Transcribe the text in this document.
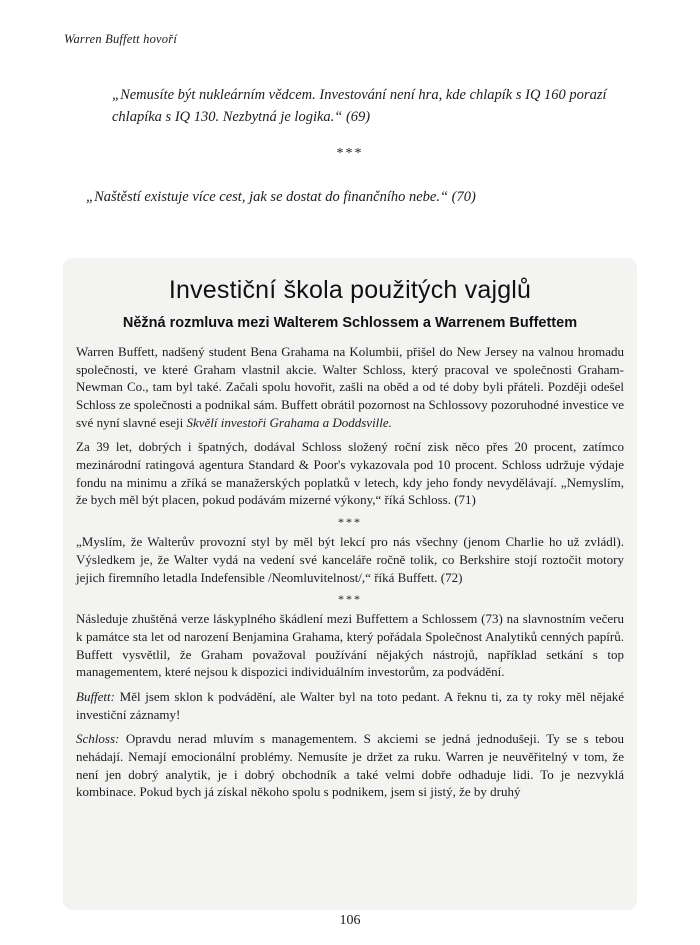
Warren Buffett hovoří
„Nemusíte být nukleárním vědcem. Investování není hra, kde chlapík s IQ 160 porazí chlapíka s IQ 130. Nezbytná je logika.“ (69)
***
„Naštěstí existuje více cest, jak se dostat do finančního nebe.“ (70)
Investiční škola použitých vajglů
Něžná rozmluva mezi Walterem Schlossem a Warrenem Buffettem

Warren Buffett, nadšený student Bena Grahama na Kolumbii, přišel do New Jersey na valnou hromadu společnosti, ve které Graham vlastnil akcie. Walter Schloss, který pracoval ve společnosti Graham-Newman Co., tam byl také. Začali spolu hovořit, zašli na oběd a od té doby byli přáteli. Později odešel Schloss ze společnosti a podnikal sám. Buffett obrátil pozornost na Schlossovy pozoruhodné investice ve své nyní slavné eseji Skvělí investoři Grahama a Doddsville.

Za 39 let, dobrých i špatných, dodával Schloss složený roční zisk něco přes 20 procent, zatímco mezinárodní ratingová agentura Standard & Poor's vykazovala pod 10 procent. Schloss udržuje výdaje fondu na minimu a zříká se manažerských poplatků v letech, kdy jeho fondy nevydělávají. „Nemyslím, že bych měl být placen, pokud podávám mizerné výkony,“ říká Schloss. (71)

***

„Myslím, že Walterův provozní styl by měl být lekcí pro nás všechny (jenom Charlie ho už zvládl). Výsledkem je, že Walter vydá na vedení své kanceláře ročně tolik, co Berkshire stojí roztočit motory jejich firemního letadla Indefensible /Neomluvitelnost/,“ říká Buffett. (72)

***

Následuje zhuštěná verze láskyplného škádlení mezi Buffettem a Schlossem (73) na slavnostním večeru k památce sta let od narození Benjamina Grahama, který pořádala Společnost Analytiků cenných papírů. Buffett vysvětlil, že Graham považoval používání nějakých nástrojů, například setkání s top managementem, které nejsou k dispozici individuálním investorům, za podvádění.

Buffett: Měl jsem sklon k podvádění, ale Walter byl na toto pedant. A řeknu ti, za ty roky měl nějaké investiční záznamy!

Schloss: Opravdu nerad mluvím s managementem. S akciemi se jedná jednodušeji. Ty se s tebou nehádají. Nemají emocionální problémy. Nemusíte je držet za ruku. Warren je neuvěřitelný v tom, že není jen dobrý analytik, je i dobrý obchodník a také velmi dobře odhaduje lidi. To je nezvyklá kombinace. Pokud bych já získal někoho spolu s podnikem, jsem si jistý, že by druhý

106
